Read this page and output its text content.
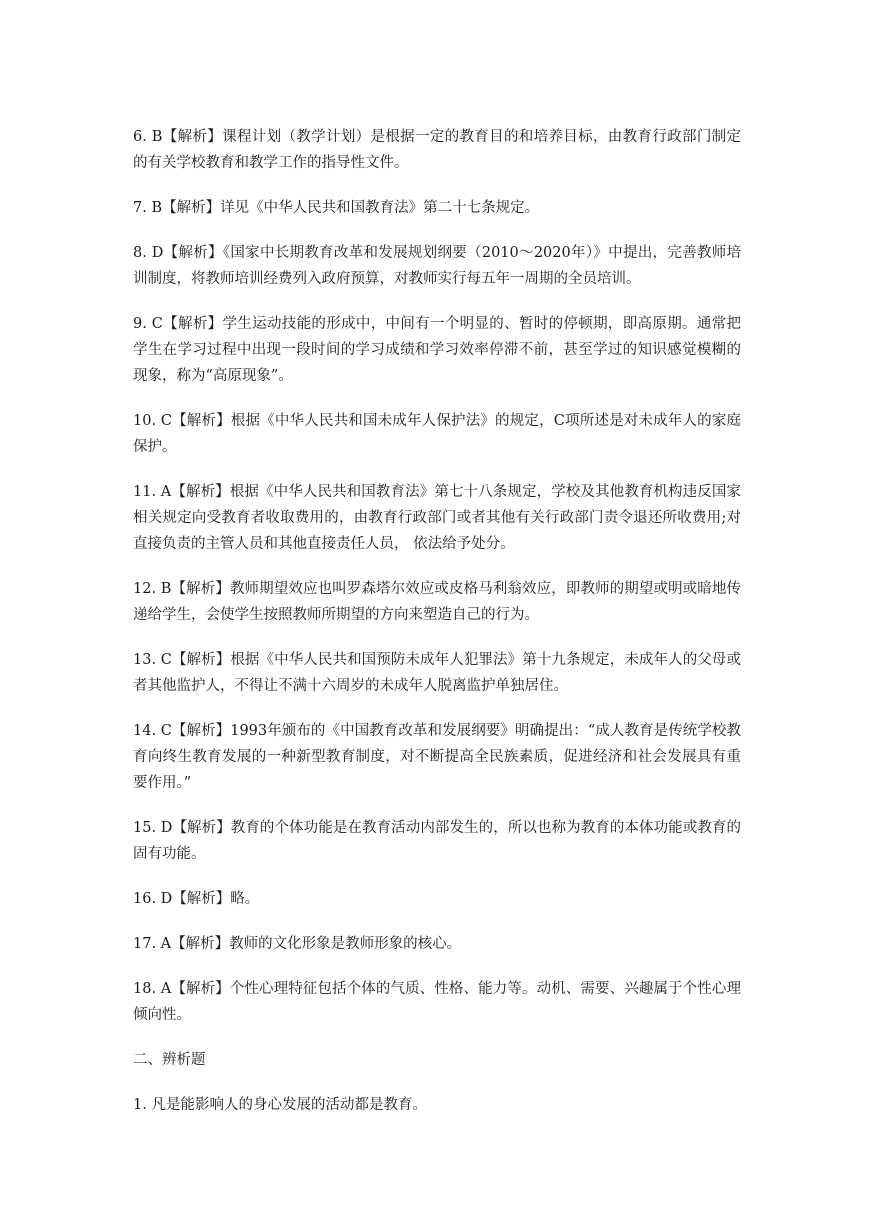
6. B【解析】课程计划（教学计划）是根据一定的教育目的和培养目标，由教育行政部门制定的有关学校教育和教学工作的指导性文件。

7. B【解析】详见《中华人民共和国教育法》第二十七条规定。

8. D【解析】《国家中长期教育改革和发展规划纲要（2010～2020年）》中提出，完善教师培训制度，将教师培训经费列入政府预算，对教师实行每五年一周期的全员培训。

9. C【解析】学生运动技能的形成中，中间有一个明显的、暂时的停顿期，即高原期。通常把学生在学习过程中出现一段时间的学习成绩和学习效率停滞不前，甚至学过的知识感觉模糊的现象，称为“高原现象”。

10. C【解析】根据《中华人民共和国未成年人保护法》的规定，C项所述是对未成年人的家庭保护。

11. A【解析】根据《中华人民共和国教育法》第七十八条规定，学校及其他教育机构违反国家相关规定向受教育者收取费用的，由教育行政部门或者其他有关行政部门责令退还所收费用;对直接负责的主管人员和其他直接责任人员， 依法给予处分。

12. B【解析】教师期望效应也叫罗森塔尔效应或皮格马利翁效应，即教师的期望或明或暗地传递给学生，会使学生按照教师所期望的方向来塑造自己的行为。

13. C【解析】根据《中华人民共和国预防未成年人犯罪法》第十九条规定，未成年人的父母或者其他监护人，不得让不满十六周岁的未成年人脱离监护单独居住。

14. C【解析】1993年颁布的《中国教育改革和发展纲要》明确提出：“成人教育是传统学校教育向终生教育发展的一种新型教育制度，对不断提高全民族素质，促进经济和社会发展具有重要作用。”

15. D【解析】教育的个体功能是在教育活动内部发生的，所以也称为教育的本体功能或教育的固有功能。

16. D【解析】略。

17. A【解析】教师的文化形象是教师形象的核心。

18. A【解析】个性心理特征包括个体的气质、性格、能力等。动机、需要、兴趣属于个性心理倾向性。

二、辨析题

1. 凡是能影响人的身心发展的活动都是教育。
